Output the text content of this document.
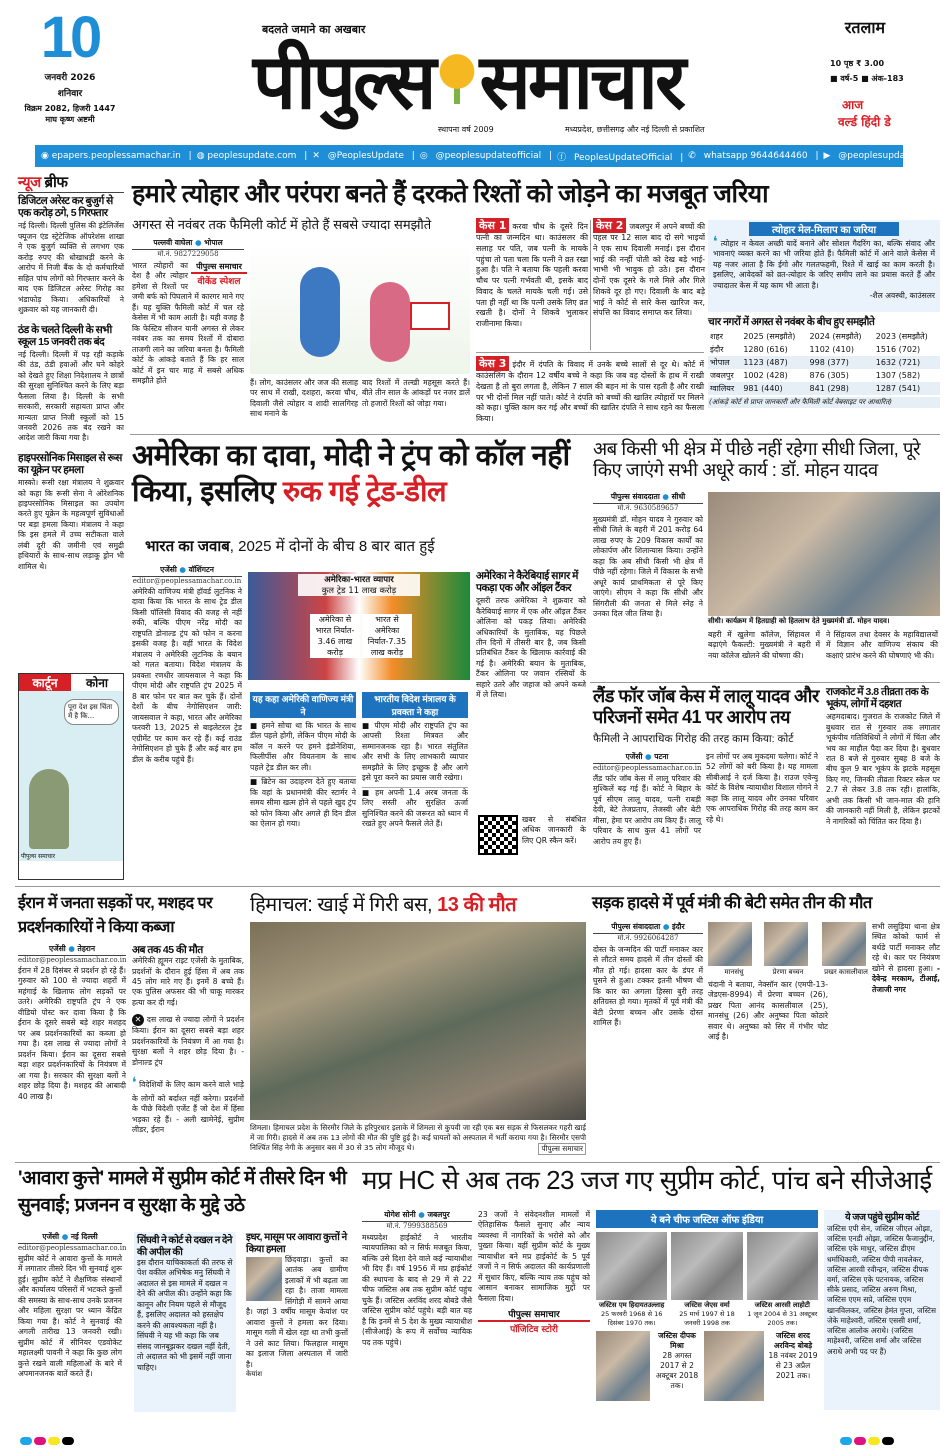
10
जनवरी 2026
शनिवार
विक्रम 2082, हिजरी 1447
माघ कृष्ण अष्टमी
बदलते जमाने का अखबार
पीपुल्स समाचार
स्थापना वर्ष 2009	मध्यप्रदेश, छत्तीसगढ़ और नई दिल्ली से प्रकाशित
रतलाम
10 पृष्ठ ₹ 3.00
■ वर्ष-5 ■ अंक-183
आज
वर्ल्ड हिंदी डे
◉ epapers.peoplessamachar.in | ◍ peoplesupdate.com | ✕ @PeoplesUpdate | ◎ @peoplesupdateofficial | ⓕ PeoplesUpdateOfficial | ✆ whatsapp 9644644460 | ▶ @peoplesupdateofficial
न्यूज ब्रीफ
डिजिटल अरेस्ट कर बुजुर्ग से एक करोड़ ठगे, 5 गिरफ्तार
नई दिल्ली। दिल्ली पुलिस की इंटेलिजेंस फ्यूजन एंड स्ट्रेटेजिक ऑपरेशंस शाखा ने एक बुजुर्ग व्यक्ति से लगभग एक करोड़ रुपए की धोखाधड़ी करने के आरोप में निजी बैंक के दो कर्मचारियों सहित पांच लोगों को गिरफ्तार करने के बाद एक डिजिटल अरेस्ट गिरोह का भंडाफोड़ किया। अधिकारियों ने शुक्रवार को यह जानकारी दी।
ठंड के चलते दिल्ली के सभी स्कूल 15 जनवरी तक बंद
नई दिल्ली। दिल्ली में पड़ रही कड़ाके की ठंड, ठंडी हवाओं और घने कोहरे को देखते हुए शिक्षा निदेशालय ने छात्रों की सुरक्षा सुनिश्चित करने के लिए बड़ा फैसला लिया है। दिल्ली के सभी सरकारी, सरकारी सहायता प्राप्त और मान्यता प्राप्त निजी स्कूलों को 15 जनवरी 2026 तक बंद रखने का आदेश जारी किया गया है।
हाइपरसोनिक मिसाइल से रूस का यूक्रेन पर हमला
मास्को। रूसी रक्षा मंत्रालय ने शुक्रवार को कहा कि रूसी सेना ने ओरेशनिक हाइपरसोनिक मिसाइल का उपयोग करते हुए यूक्रेन के महत्वपूर्ण सुविधाओं पर बड़ा हमला किया। मंत्रालय ने कहा कि इस हमले में उच्च सटीकता वाले लंबी दूरी की जमीनी एवं समुद्री हथियारों के साथ-साथ लड़ाकू ड्रोन भी शामिल थे।
कार्टून	कोना
पूरा देश इस चिंता में है कि...
पीपुल्स समाचार
हमारे त्योहार और परंपरा बनते हैं दरकते रिश्तों को जोड़ने का मजबूत जरिया
अगस्त से नवंबर तक फैमिली कोर्ट में होते हैं सबसे ज्यादा समझौते
पल्लवी वाघेला ● भोपाल
मो.नं. 9827229058
पीपुल्स समाचार
वीकेंड स्पेशल
भारत त्योहारों का देश है और त्योहार हमेशा से रिश्तों पर जमी बर्फ को पिघलाने में कारगर माने गए हैं। यह युक्ति फैमिली कोर्ट में चल रहे केसेस में भी काम आती है। यही वजह है कि फेस्टिव सीजन यानी अगस्त से लेकर नवंबर तक का समय रिश्तों में दोबारा ताजगी लाने का जरिया बनता है। फैमिली कोर्ट के आंकड़े बताते हैं कि हर साल कोर्ट में इन चार माह में सबसे अधिक समझौते होते	हैं। लोग, काउंसलर और जज की सलाह पर साथ में राखी, दशहरा, करवा चौथ, दिवाली जैसे त्योहार व शादी सालगिरह साथ मनाने के
बाद रिश्तों में तल्खी महसूस करते हैं। बीते तीन साल के आंकड़ों पर नजर डालें तो हजारों रिश्तों को जोड़ा गया।
केस 1 करवा चौथ के दूसरे दिन पत्नी का जन्मदिन था। काउंसलर की सलाह पर पति, जब पत्नी के मायके पहुंचा तो पता चला कि पत्नी ने व्रत रखा हुआ है। पति ने बताया कि पहली करवा चौथ पर पत्नी गर्भवती थी, इसके बाद विवाद के चलते मायके चली गई। उसे पता ही नहीं था कि पत्नी उसके लिए व्रत रखती है। दोनों ने शिकवे भुलाकर राजीनामा किया।
केस 2 जबलपुर में अपने बच्चों की पहल पर 12 साल बाद दो सगे भाइयों ने एक साथ दिवाली मनाई। इस दौरान भाई की नन्हीं पोती को देख बड़े भाई-भाभी भी भावुक हो उठे। इस दौरान दोनों एक दूसरे के गले मिले और गिले शिकवे दूर हो गए। दिवाली के बाद बड़े भाई ने कोर्ट से सारे केस खारिज कर, संपत्ति का विवाद समाप्त कर लिया।
केस 3 इंदौर में दंपति के विवाद में उनके बच्चे सालों से दूर थे। कोर्ट में काउंसलिंग के दौरान 12 वर्षीय बच्चे ने कहा कि जब वह दोस्तों के हाथ में राखी देखता है तो बुरा लगता है, लेकिन 7 साल की बहन मां के पास रहती है और राखी पर भी दोनों मिल नहीं पाते। कोर्ट ने दंपति को बच्चों की खातिर त्योहारों पर मिलने को कहा। युक्ति काम कर गई और बच्चों की खातिर दंपति ने साथ रहने का फैसला किया।
त्योहार मेल-मिलाप का जरिया
❛ त्योहार न केवल अच्छी यादें बनाने और सोशल गैदरिंग का, बल्कि संवाद और भावनाएं व्यक्त करने का भी जरिया होते हैं। फैमिली कोर्ट में आने वाले केसेस में यह नजर आता है कि ईगो और गलतफहमी, रिश्ते में खाई का काम करती है। इसलिए, आवेदकों को व्रत-त्योहार के जरिए समीप लाने का प्रयास करते हैं और ज्यादातर केस में यह काम भी आता है।
-शैल अवस्थी, काउंसलर
चार नगरों में अगस्त से नवंबर के बीच हुए समझौते
शहर	2025 (समझौते)	2024 (समझौते)	2023 (समझौते)
इंदौर	1280 (616)	1102 (410)	1516 (702)
भोपाल	1123 (487)	998 (377)	1632 (721)
जबलपुर	1002 (428)	876 (305)	1307 (582)
ग्वालियर	981 (440)	841 (298)	1287 (541)
(आंकड़े कोर्ट से प्राप्त जानकारी और फैमिली कोर्ट वेबसाइट पर आधारित)
अमेरिका का दावा, मोदी ने ट्रंप को कॉल नहीं किया, इसलिए रुक गई ट्रेड-डील
भारत का जवाब, 2025 में दोनों के बीच 8 बार बात हुई
एजेंसी ● वॉशिंगटन
editor@peoplessamachar.co.in
अमेरिकी वाणिज्य मंत्री हॉवर्ड लुटनिक ने दावा किया कि भारत के साथ ट्रेड डील किसी पॉलिसी विवाद की वजह से नहीं रुकी, बल्कि पीएम नरेंद्र मोदी का राष्ट्रपति डोनाल्ड ट्रंप को फोन न करना इसकी वजह है। वहीं भारत के विदेश मंत्रालय ने अमेरिकी लुटनिक के बयान को गलत बताया। विदेश मंत्रालय के प्रवक्ता रणधीर जायसवाल ने कहा कि पीएम मोदी और राष्ट्रपति ट्रंप 2025 में 8 बार फोन पर बात कर चुके हैं। दोनों देशों के बीच नेगोसिएशन जारी: जायसवाल ने कहा, भारत और अमेरिका फरवरी 13, 2025 से बाइलेटरल ट्रेड एग्रीमेंट पर काम कर रहे हैं। कई राउंड नेगोसिएशन हो चुके हैं और कई बार हम डील के करीब पहुंचे हैं।
अमेरिका-भारत व्यापार
कुल ट्रेड 11 लाख करोड़
अमेरिका से भारत निर्यात- 3.46 लाख करोड़
भारत से अमेरिका निर्यात-7.35 लाख करोड़
यह कहा अमेरिकी वाणिज्य मंत्री ने
■ हमने सोचा था कि भारत के साथ डील पहले होगी, लेकिन पीएम मोदी के कॉल न करने पर हमने इंडोनेशिया, फिलीपींस और वियतनाम के साथ पहले ट्रेड डील कर ली।
■ ब्रिटेन का उदाहरण देते हुए बताया कि वहां के प्रधानमंत्री कीर स्टार्मर ने समय सीमा खत्म होने से पहले खुद ट्रंप को फोन किया और अगले ही दिन डील का ऐलान हो गया।
भारतीय विदेश मंत्रालय के प्रवक्ता ने कहा
■ पीएम मोदी और राष्ट्रपति ट्रंप का आपसी रिश्ता मित्रवत और सम्मानजनक रहा है। भारत संतुलित और सभी के लिए लाभकारी व्यापार समझौते के लिए इच्छुक है और आगे इसे पूरा करने का प्रयास जारी रखेगा।
■ हम अपनी 1.4 अरब जनता के लिए सस्ती और सुरक्षित ऊर्जा सुनिश्चित करने की जरूरत को ध्यान में रखते हुए अपने फैसले लेते हैं।
अमेरिका ने कैरेबियाई सागर में पकड़ा एक और ऑइल टैंकर
दूसरी तरफ अमेरिका ने शुक्रवार को कैरेबियाई सागर में एक और ऑइल टैंकर ओलिना को पकड़ लिया। अमेरिकी अधिकारियों के मुताबिक, यह पिछले तीन दिनों में तीसरी बार है, जब किसी प्रतिबंधित टैंकर के खिलाफ कार्रवाई की गई है। अमेरिकी बयान के मुताबिक, टैंकर ओलिना पर जवान रस्सियों के सहारे उतरे और जहाज को अपने कब्जे में ले लिया।
खबर से संबंधित अधिक जानकारी के लिए QR स्कैन करें।
अब किसी भी क्षेत्र में पीछे नहीं रहेगा सीधी जिला, पूरे किए जाएंगे सभी अधूरे कार्य : डॉ. मोहन यादव
पीपुल्स संवाददाता ● सीधी
मो.नं. 9630589657
मुख्यमंत्री डॉ. मोहन यादव ने गुरुवार को सीधी जिले के बहरी में 201 करोड़ 64 लाख रुपए के 209 विकास कार्यों का लोकार्पण और शिलान्यास किया। उन्होंने कहा कि अब सीधी किसी भी क्षेत्र में पीछे नहीं रहेगा। जिले में विकास के सभी अधूरे कार्य प्राथमिकता से पूरे किए जाएंगे। सीएम ने कहा कि सीधी और सिंगरौली की जनता से मिले स्नेह ने उनका दिल जीत लिया है।
सीधी। कार्यक्रम में हितग्राही को हितलाभ देते मुख्यमंत्री डॉ. मोहन यादव।
बहरी में खुलेगा कॉलेज, सिंहावल में बढ़ाएंगे फैकल्टी: मुख्यमंत्री ने बहरी में नया कॉलेज खोलने की घोषणा की।
ने सिंहावल तथा देवसर के महाविद्यालयों में विज्ञान और वाणिज्य संकाय की कक्षाएं प्रारंभ करने की घोषणाएं भी की।
लैंड फॉर जॉब केस में लालू यादव और परिजनों समेत 41 पर आरोप तय
फैमिली ने आपराधिक गिरोह की तरह काम किया: कोर्ट
एजेंसी ● पटना
editor@peoplessamachar.co.in
लैंड फॉर जॉब केस में लालू परिवार की मुश्किलें बढ़ गई हैं। कोर्ट ने बिहार के पूर्व सीएम लालू यादव, पत्नी राबड़ी देवी, बेटे तेजप्रताप, तेजस्वी और बेटी मीसा, हेमा पर आरोप तय किए हैं। लालू परिवार के साथ कुल 41 लोगों पर आरोप तय हुए हैं।
इन लोगों पर अब मुकदमा चलेगा। कोर्ट ने 52 लोगों को बरी किया है। यह मामला सीबीआई ने दर्ज किया है। राउज एवेन्यू कोर्ट के विशेष न्यायाधीश विशाल गोगने ने कहा कि लालू यादव और उनका परिवार एक आपराधिक गिरोह की तरह काम कर रहे थे।
राजकोट में 3.8 तीव्रता तक के भूकंप, लोगों में दहशत
अहमदाबाद। गुजरात के राजकोट जिले में बुधवार रात से गुरुवार तक लगातार भूकंपीय गतिविधियों ने लोगों में चिंता और भय का माहौल पैदा कर दिया है। बुधवार रात 8 बजे से गुरुवार सुबह 8 बजे के बीच कुल 9 बार भूकंप के झटके महसूस किए गए, जिनकी तीव्रता रिक्टर स्केल पर 2.7 से लेकर 3.8 तक रही। हालांकि, अभी तक किसी भी जान-माल की हानि की जानकारी नहीं मिली है, लेकिन झटकों ने नागरिकों को चिंतित कर दिया है।
ईरान में जनता सड़कों पर, मशहद पर प्रदर्शनकारियों ने किया कब्जा
एजेंसी ● तेहरान
editor@peoplessamachar.co.in
ईरान में 28 दिसंबर से प्रदर्शन हो रहे हैं। गुरुवार को 100 से ज्यादा शहरों में महंगाई के खिलाफ लोग सड़कों पर उतरे। अमेरिकी राष्ट्रपति ट्रंप ने एक वीडियो पोस्ट कर दावा किया है कि ईरान के दूसरे सबसे बड़े शहर मशहद पर अब प्रदर्शनकारियों का कब्जा हो गया है। दस लाख से ज्यादा लोगों ने प्रदर्शन किया। ईरान का दूसरा सबसे बड़ा शहर प्रदर्शनकारियों के नियंत्रण में आ गया है। सरकार की सुरक्षा बलों ने शहर छोड़ दिया है। मशहद की आबादी 40 लाख है।
अब तक 45 की मौत
अमेरिकी ह्यूमन राइट एजेंसी के मुताबिक, प्रदर्शनों के दौरान हुई हिंसा में अब तक 45 लोग मारे गए हैं। इनमें 8 बच्चे हैं। एक पुलिस अफसर की भी चाकू मारकर हत्या कर दी गई।
✕ दस लाख से ज्यादा लोगों ने प्रदर्शन किया। ईरान का दूसरा सबसे बड़ा शहर प्रदर्शनकारियों के नियंत्रण में आ गया है। सुरक्षा बलों ने शहर छोड़ दिया है। - डोनाल्ड ट्रंप
❛ विदेशियों के लिए काम करने वाले भाड़े के लोगों को बर्दाश्त नहीं करेगा। प्रदर्शनों के पीछे विदेशी एजेंट हैं जो देश में हिंसा भड़का रहे हैं। - अली खामेनेई, सुप्रीम लीडर, ईरान
हिमाचल: खाई में गिरी बस, 13 की मौत
शिमला। हिमाचल प्रदेश के सिरमौर जिले के हरिपुरधार इलाके में शिमला से कुपवी जा रही एक बस सड़क से फिसलकर गहरी खाई में जा गिरी। हादसे में अब तक 13 लोगों की मौत की पुष्टि हुई है। कई घायलों को अस्पताल में भर्ती कराया गया है। सिरमौर एसपी निश्चिंत सिंह नेगी के अनुसार बस में 30 से 35 लोग मौजूद थे।	पीपुल्स समाचार
सड़क हादसे में पूर्व मंत्री की बेटी समेत तीन की मौत
पीपुल्स संवाददाता ● इंदौर
मो.नं. 9926064287
दोस्त के जन्मदिन की पार्टी मनाकर कार से लौटते समय हादसे में तीन दोस्तों की मौत हो गई। हादसा कार के डंपर में घुसने से हुआ। टक्कर इतनी भीषण थी कि कार का अगला हिस्सा बुरी तरह क्षतिग्रस्त हो गया। मृतकों में पूर्व मंत्री की बेटी प्रेरणा बच्चन और उसके दोस्त शामिल हैं।
मानसंधु	प्रेरणा बच्चन	प्रखर कासलीवाल
चंदानी ने बताया, नेक्सॉन कार (एमपी-13-जेडएस-8994) में प्रेरणा बच्चन (26), प्रखर पिता आनंद कासलीवाल (25), मानसंधु (26) और अनुष्का पिता कोठारे सवार थे। अनुष्का को सिर में गंभीर चोट आई है।
सभी लसुड़िया थाना क्षेत्र स्थित कोको फार्म से बर्थडे पार्टी मनाकर लौट रहे थे। कार पर नियंत्रण खोने से हादसा हुआ। - देवेन्द्र मरकाम, टीआई, तेजाजी नगर
'आवारा कुत्ते' मामले में सुप्रीम कोर्ट में तीसरे दिन भी सुनवाई; प्रजनन व सुरक्षा के मुद्दे उठे
एजेंसी ● नई दिल्ली
editor@peoplessamachar.co.in
सुप्रीम कोर्ट ने आवारा कुत्तों के मामले में लगातार तीसरे दिन भी सुनवाई शुरू हुई। सुप्रीम कोर्ट ने शैक्षणिक संस्थानों और कार्यालय परिसरों में भटकते कुत्तों की समस्या के साथ-साथ उनके प्रजनन और महिला सुरक्षा पर ध्यान केंद्रित किया गया है। कोर्ट ने सुनवाई की अगली तारीख 13 जनवरी रखी। सुप्रीम कोर्ट में सीनियर एडवोकेट महालक्ष्मी पावनी ने कहा कि कुछ लोग कुत्ते रखने वाली महिलाओं के बारे में अपमानजनक बातें करते हैं।
सिंघवी ने कोर्ट से दखल न देने की अपील की
इस दौरान याचिकाकर्ता की तरफ से पेश वकील अभिषेक मनु सिंघवी ने अदालत से इस मामले में दखल न देने की अपील की। उन्होंने कहा कि कानून और नियम पहले से मौजूद हैं, इसलिए अदालत को हस्तक्षेप करने की आवश्यकता नहीं है। सिंघवी ने यह भी कहा कि जब संसद जानबूझकर दखल नहीं देती, तो अदालत को भी इसमें नहीं जाना चाहिए।
इधर, मासूम पर आवारा कुत्तों ने किया हमला
छिंदवाड़ा। कुत्तों का आतंक अब ग्रामीण इलाकों में भी बढ़ता जा रहा है। ताजा मामला सिंगोड़ी में सामने आया है। जहां 3 वर्षीय मासूम केयांश पर आवारा कुत्तों ने हमला कर दिया। मासूम गली में खेल रहा था तभी कुत्तों ने उसे काट लिया। फिलहाल मासूम का इलाज जिला अस्पताल में जारी है।
केयांश
मप्र HC से अब तक 23 जज गए सुप्रीम कोर्ट, पांच बने सीजेआई
योगेश सोनी ● जबलपुर
मो.नं. 7999388569
मध्यप्रदेश हाईकोर्ट ने भारतीय न्यायपालिका को न सिर्फ मजबूत किया, बल्कि उसे दिशा देने वाले कई न्यायाधीश भी दिए हैं। वर्ष 1956 में मप्र हाईकोर्ट की स्थापना के बाद से 29 में से 22 चीफ जस्टिस अब तक सुप्रीम कोर्ट पहुंच चुके हैं। जस्टिस अरविंद शरद बोबडे जैसे जस्टिस सुप्रीम कोर्ट पहुंचे। बड़ी बात यह है कि इनमें से 5 देश के मुख्य न्यायाधीश (सीजेआई) के रूप में सर्वोच्च न्यायिक पद तक पहुंचे।
23 जजों ने संवेदनशील मामलों में ऐतिहासिक फैसले सुनाए और न्याय व्यवस्था में नागरिकों के भरोसे को और पुख्ता किया। वहीं सुप्रीम कोर्ट के मुख्य न्यायाधीश बने मप्र हाईकोर्ट के 5 पूर्व जजों ने न सिर्फ अदालत की कार्यप्रणाली में सुधार किए, बल्कि न्याय तक पहुंच को आसान बनाकर सामाजिक मुद्दों पर फैसला दिया।
पीपुल्स समाचार
पॉजिटिव स्टोरी
ये बने चीफ जस्टिस ऑफ इंडिया
जस्टिस एम हिदायतउल्लाह
25 फरवरी 1968 से 16 दिसंबर 1970 तक।
जस्टिस जेएस वर्मा
25 मार्च 1997 से 18 जनवरी 1998 तक
जस्टिस आरसी लाहोटी
1 जून 2004 से 31 अक्टूबर 2005 तक।
जस्टिस दीपक मिश्रा
28 अगस्त 2017 से 2 अक्टूबर 2018 तक।
जस्टिस शरद अरविन्द बोबड़े
18 नवंबर 2019 से 23 अप्रैल 2021 तक।
ये जज पहुंचे सुप्रीम कोर्ट
जस्टिस एपी सेन, जस्टिस जीएल ओझा, जस्टिस एनडी ओझा, जस्टिस फैजानुद्दीन, जस्टिस एके माथुर, जस्टिस डीएम धर्माधिकारी, जस्टिस पीपी नावलेकर, जस्टिस आरवी रवीन्द्रन, जस्टिस दीपक वर्मा, जस्टिस एके पटनायक, जस्टिस सीके प्रसाद, जस्टिस अरुण मिश्रा, जस्टिस एएम सप्रे, जस्टिस एएम खानविलकर, जस्टिस हेमंत गुप्ता, जस्टिस जेके माहेश्वरी, जस्टिस एससी शर्मा, जस्टिस आलोक अराधे। (जस्टिस माहेश्वरी, जस्टिस शर्मा और जस्टिस अराधे अभी पद पर हैं)
